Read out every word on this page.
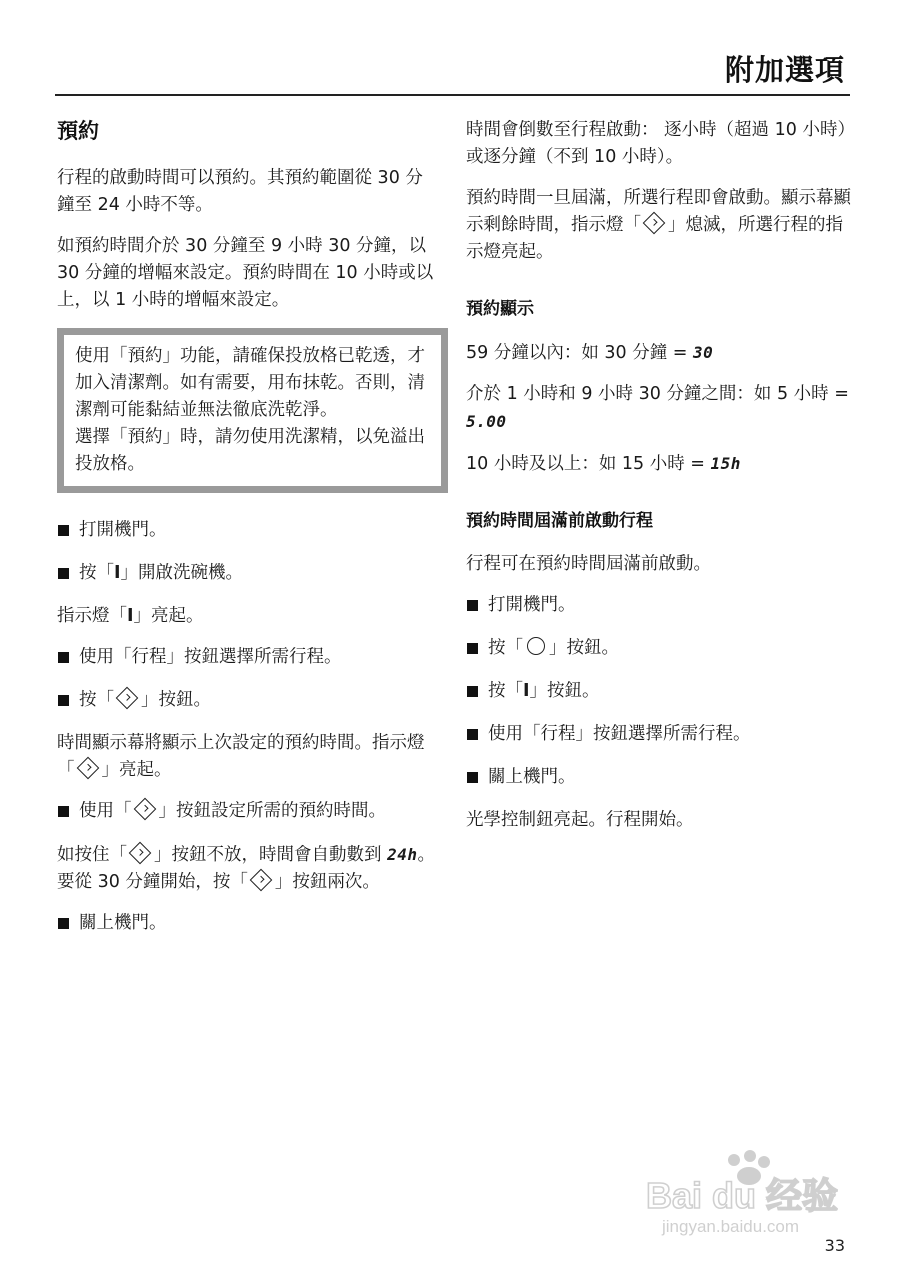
附加選項
預約

行程的啟動時間可以預約。其預約範圍從 30 分鐘至 24 小時不等。

如預約時間介於 30 分鐘至 9 小時 30 分鐘，以 30 分鐘的增幅來設定。預約時間在 10 小時或以上，以 1 小時的增幅來設定。

使用「預約」功能，請確保投放格已乾透，才加入清潔劑。如有需要，用布抹乾。否則，清潔劑可能黏結並無法徹底洗乾淨。

選擇「預約」時，請勿使用洗潔精，以免溢出投放格。

打開機門。
按「I」開啟洗碗機。

指示燈「I」亮起。

使用「行程」按鈕選擇所需行程。
按「 」按鈕。

時間顯示幕將顯示上次設定的預約時間。指示燈「 」亮起。

使用「 」按鈕設定所需的預約時間。

如按住「 」按鈕不放，時間會自動數到 24h。要從 30 分鐘開始，按「 」按鈕兩次。

關上機門。

時間會倒數至行程啟動： 逐小時（超過 10 小時）或逐分鐘（不到 10 小時）。

預約時間一旦屆滿，所選行程即會啟動。顯示幕顯示剩餘時間，指示燈「 」熄滅，所選行程的指示燈亮起。

預約顯示

59 分鐘以內：如 30 分鐘 = 30

介於 1 小時和 9 小時 30 分鐘之間：如 5 小時 = 5.00

10 小時及以上：如 15 小時 = 15h

預約時間屆滿前啟動行程

行程可在預約時間屆滿前啟動。

打開機門。
按「 」按鈕。
按「I」按鈕。
使用「行程」按鈕選擇所需行程。
關上機門。

光學控制鈕亮起。行程開始。

Bai du 经验
jingyan.baidu.com
33
